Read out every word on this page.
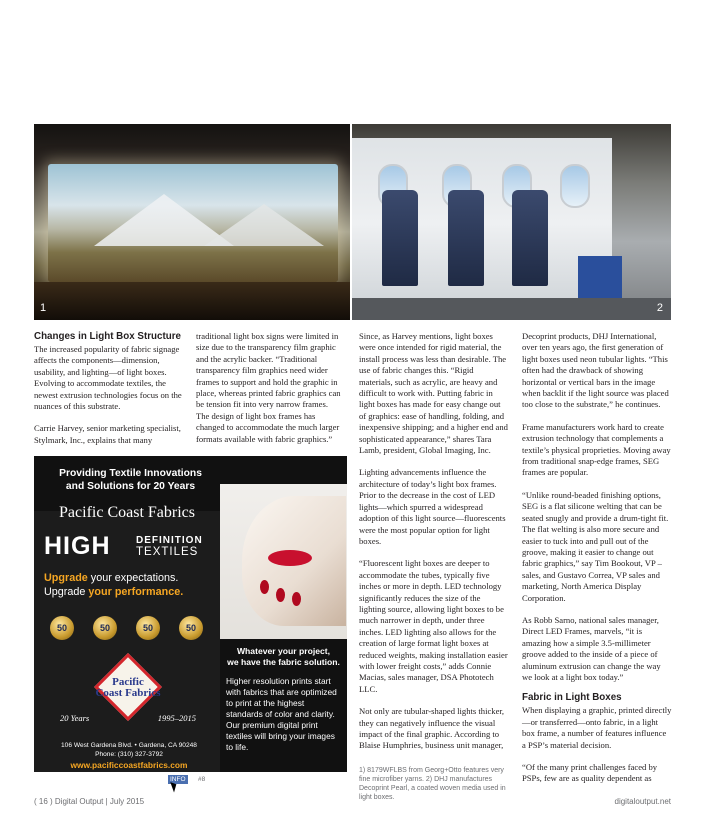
1	2
Changes in Light Box Structure

The increased popularity of fabric signage affects the components—dimension, usability, and lighting—of light boxes. Evolving to accommodate textiles, the newest extrusion technologies focus on the nuances of this substrate.

Carrie Harvey, senior marketing specialist, Stylmark, Inc., explains that many

traditional light box signs were limited in size due to the transparency film graphic and the acrylic backer. “Traditional transparency film graphics need wider frames to support and hold the graphic in place, whereas printed fabric graphics can be tension fit into very narrow frames. The design of light box frames has changed to accommodate the much larger formats available with fabric graphics.”

Since, as Harvey mentions, light boxes were once intended for rigid material, the install process was less than desirable. The use of fabric changes this. “Rigid materials, such as acrylic, are heavy and difficult to work with. Putting fabric in light boxes has made for easy change out of graphics: ease of handling, folding, and inexpensive shipping; and a higher end and sophisticated appearance,” shares Tara Lamb, president, Global Imaging, Inc.

Lighting advancements influence the architecture of today’s light box frames. Prior to the decrease in the cost of LED lights—which spurred a widespread adoption of this light source—fluorescents were the most popular option for light boxes.

“Fluorescent light boxes are deeper to accommodate the tubes, typically five inches or more in depth. LED technology significantly reduces the size of the lighting source, allowing light boxes to be much narrower in depth, under three inches. LED lighting also allows for the creation of large format light boxes at reduced weights, making installation easier with lower freight costs,” adds Connie Macias, sales manager, DSA Phototech LLC.

Not only are tubular-shaped lights thicker, they can negatively influence the visual impact of the final graphic. According to Blaise Humphries, business unit manager,

1) 8179WFLBS from Georg+Otto features very fine microfiber yarns. 2) DHJ manufactures Decoprint Pearl, a coated woven media used in light boxes.

Decoprint products, DHJ International, over ten years ago, the first generation of light boxes used neon tubular lights. “This often had the drawback of showing horizontal or vertical bars in the image when backlit if the light source was placed too close to the substrate,” he continues.

Frame manufacturers work hard to create extrusion technology that complements a textile’s physical proprieties. Moving away from traditional snap-edge frames, SEG frames are popular.

“Unlike round-beaded finishing options, SEG is a flat silicone welting that can be seated snugly and provide a drum-tight fit. The flat welting is also more secure and easier to tuck into and pull out of the groove, making it easier to change out fabric graphics,” say Tim Bookout, VP – sales, and Gustavo Correa, VP sales and marketing, North America Display Corporation.

As Robb Sarno, national sales manager, Direct LED Frames, marvels, “it is amazing how a simple 3.5-millimeter groove added to the inside of a piece of aluminum extrusion can change the way we look at a light box today.”

Fabric in Light Boxes

When displaying a graphic, printed directly—or transferred—onto fabric, in a light box frame, a number of features influence a PSP’s material decision.

“Of the many print challenges faced by PSPs, few are as quality dependent as

Providing Textile Innovations
and Solutions for 20 Years
Pacific Coast Fabrics
HIGH	DEFINITION
TEXTILES
Upgrade your expectations.
Upgrade your performance.
50	50	50	50
Pacific
Coast Fabrics
20 Years	1995–2015
106 West Gardena Blvd. • Gardena, CA 90248
Phone: (310) 327-3792
www.pacificcoastfabrics.com
Whatever your project,
we have the fabric solution.
Higher resolution prints start with fabrics that are optimized to print at the highest standards of color and clarity. Our premium digital print textiles will bring your images to life.
INFO	#8
( 16 ) Digital Output | July 2015	digitaloutput.net
